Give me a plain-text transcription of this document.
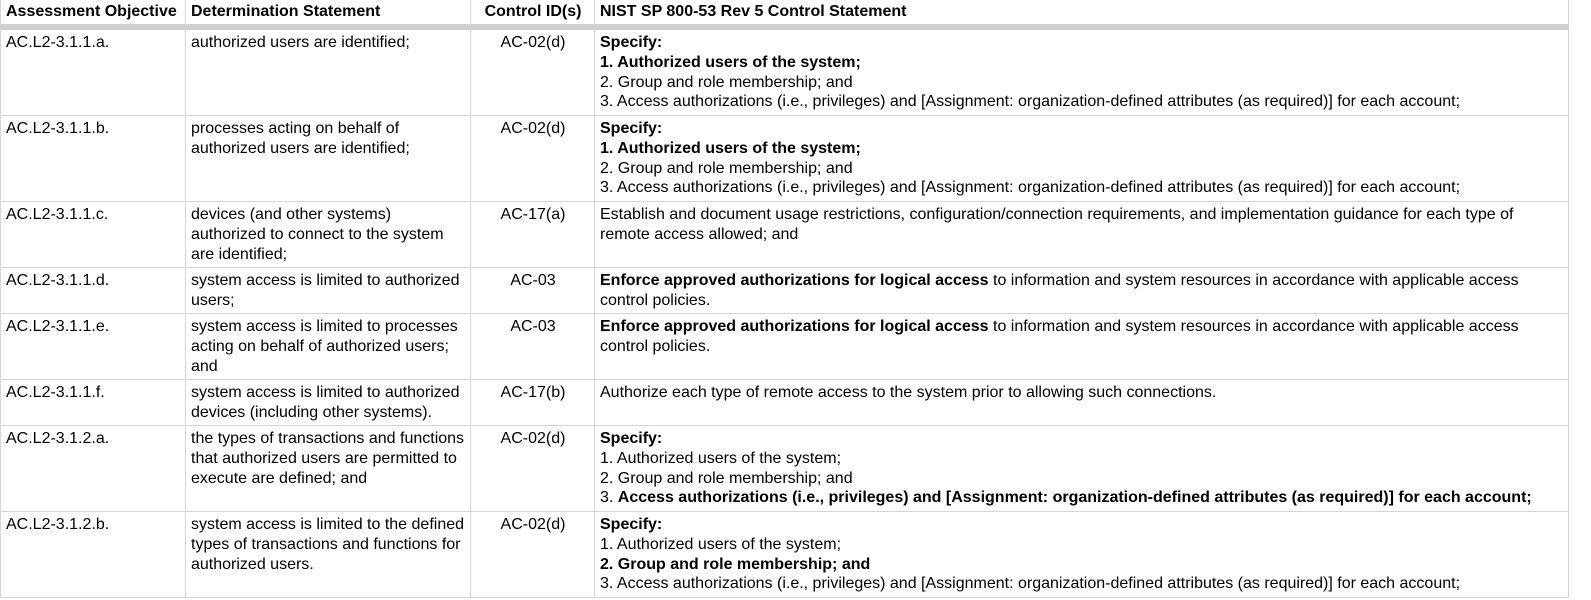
Assessment Objective	Determination Statement	Control ID(s)	NIST SP 800-53 Rev 5 Control Statement
AC.L2-3.1.1.a.	authorized users are identified;	AC-02(d)	Specify:
1. Authorized users of the system;
2. Group and role membership; and
3. Access authorizations (i.e., privileges) and [Assignment: organization-defined attributes (as required)] for each account;

AC.L2-3.1.1.b.	processes acting on behalf of authorized users are identified;	AC-02(d)	Specify:
1. Authorized users of the system;
2. Group and role membership; and
3. Access authorizations (i.e., privileges) and [Assignment: organization-defined attributes (as required)] for each account;

AC.L2-3.1.1.c.	devices (and other systems) authorized to connect to the system are identified;	AC-17(a)	Establish and document usage restrictions, configuration/connection requirements, and implementation guidance for each type of remote access allowed; and
AC.L2-3.1.1.d.	system access is limited to authorized users;	AC-03	Enforce approved authorizations for logical access to information and system resources in accordance with applicable access control policies.
AC.L2-3.1.1.e.	system access is limited to processes acting on behalf of authorized users; and	AC-03	Enforce approved authorizations for logical access to information and system resources in accordance with applicable access control policies.
AC.L2-3.1.1.f.	system access is limited to authorized devices (including other systems).	AC-17(b)	Authorize each type of remote access to the system prior to allowing such connections.
AC.L2-3.1.2.a.	the types of transactions and functions that authorized users are permitted to execute are defined; and	AC-02(d)	Specify:
1. Authorized users of the system;
2. Group and role membership; and
3. Access authorizations (i.e., privileges) and [Assignment: organization-defined attributes (as required)] for each account;

AC.L2-3.1.2.b.	system access is limited to the defined types of transactions and functions for authorized users.	AC-02(d)	Specify:
1. Authorized users of the system;
2. Group and role membership; and
3. Access authorizations (i.e., privileges) and [Assignment: organization-defined attributes (as required)] for each account;
